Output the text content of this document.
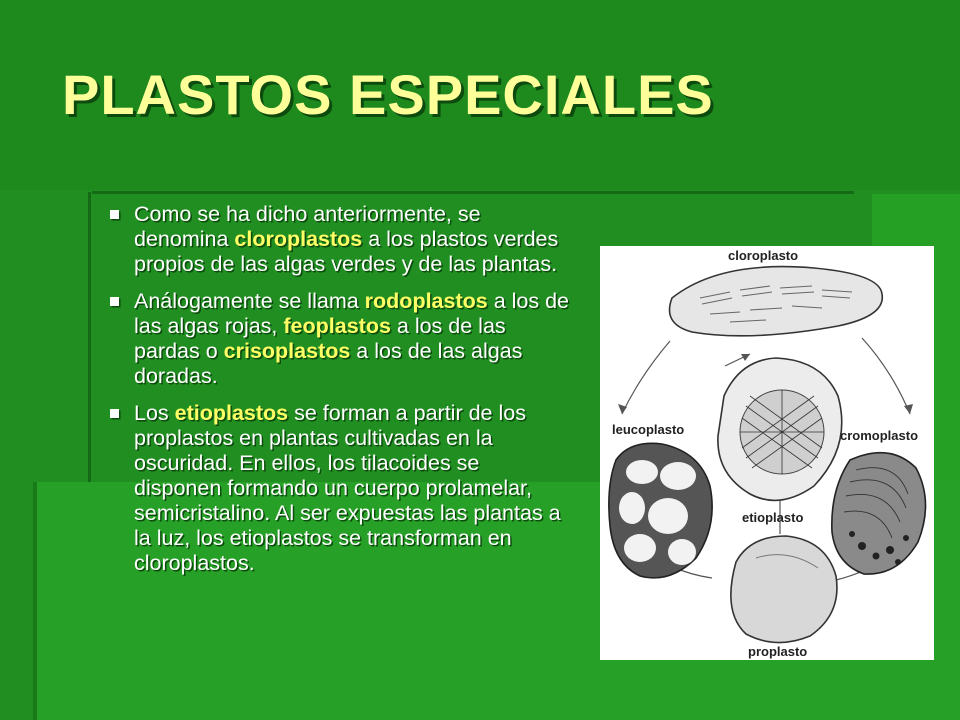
PLASTOS ESPECIALES

Como se ha dicho anteriormente, se denomina cloroplastos a los plastos verdes propios de las algas verdes y de las plantas.

Análogamente se llama rodoplastos a los de las algas rojas, feoplastos a los de las pardas o crisoplastos a los de las algas doradas.

Los etioplastos se forman a partir de los proplastos en plantas cultivadas en la oscuridad. En ellos, los tilacoides se disponen formando un cuerpo prolamelar, semicristalino. Al ser expuestas las plantas a la luz, los etioplastos se transforman en cloroplastos.

cloroplasto
etioplasto
leucoplasto	cromoplasto
proplasto
